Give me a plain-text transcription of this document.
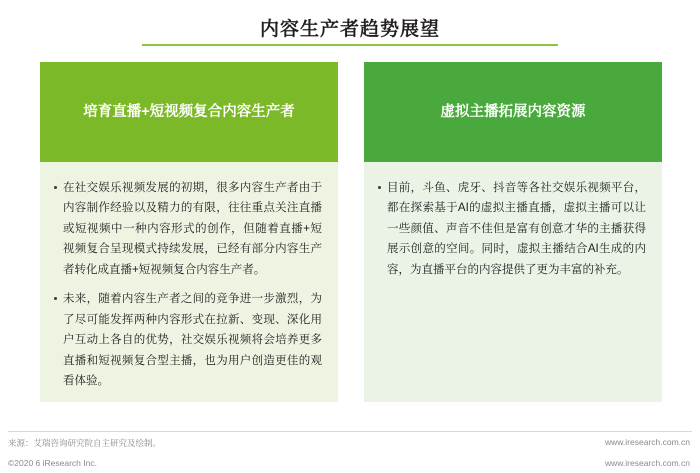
内容生产者趋势展望
培育直播+短视频复合内容生产者
在社交娱乐视频发展的初期，很多内容生产者由于内容制作经验以及精力的有限，往往重点关注直播或短视频中一种内容形式的创作，但随着直播+短视频复合呈现模式持续发展，已经有部分内容生产者转化成直播+短视频复合内容生产者。
未来，随着内容生产者之间的竞争进一步激烈，为了尽可能发挥两种内容形式在拉新、变现、深化用户互动上各自的优势，社交娱乐视频将会培养更多直播和短视频复合型主播，也为用户创造更佳的观看体验。
虚拟主播拓展内容资源
目前，斗鱼、虎牙、抖音等各社交娱乐视频平台，都在探索基于AI的虚拟主播直播，虚拟主播可以让一些颜值、声音不佳但是富有创意才华的主播获得展示创意的空间。同时，虚拟主播结合AI生成的内容，为直播平台的内容提供了更为丰富的补充。
来源：艾瑞咨询研究院自主研究及绘制。	www.iresearch.com.cn
©2020 6 iResearch Inc.	www.iresearch.com.cn
